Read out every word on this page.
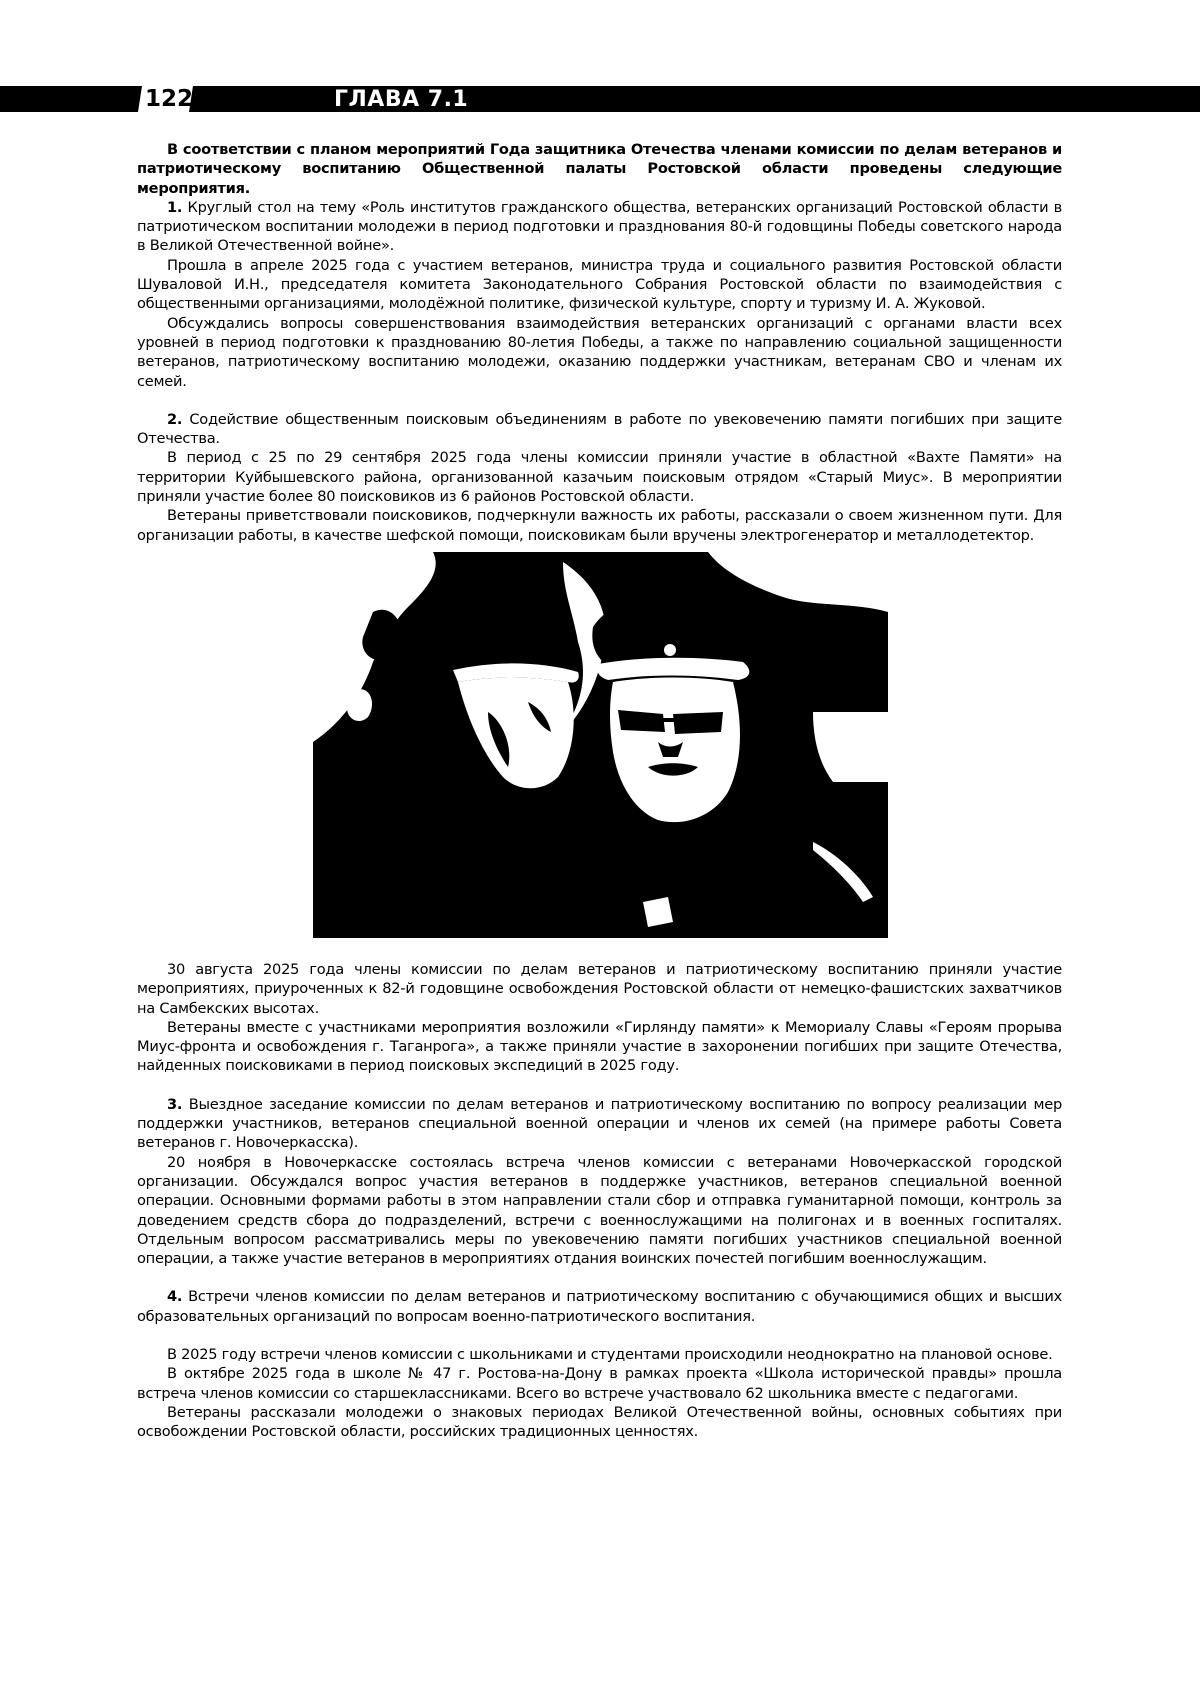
122	ГЛАВА 7.1

В соответствии с планом мероприятий Года защитника Отечества членами комиссии по делам ветеранов и патриотическому воспитанию Общественной палаты Ростовской области проведены следующие мероприятия.

1. Круглый стол на тему «Роль институтов гражданского общества, ветеранских организаций Ростовской области в патриотическом воспитании молодежи в период подготовки и празднования 80-й годовщины Победы советского народа в Великой Отечественной войне».

Прошла в апреле 2025 года с участием ветеранов, министра труда и социального развития Ростовской области Шуваловой И.Н., председателя комитета Законодательного Собрания Ростовской области по взаимодействия с общественными организациями, молодёжной политике, физической культуре, спорту и туризму И. А. Жуковой.

Обсуждались вопросы совершенствования взаимодействия ветеранских организаций с органами власти всех уровней в период подготовки к празднованию 80-летия Победы, а также по направлению социальной защищенности ветеранов, патриотическому воспитанию молодежи, оказанию поддержки участникам, ветеранам СВО и членам их семей.

2. Содействие общественным поисковым объединениям в работе по увековечению памяти погибших при защите Отечества.

В период с 25 по 29 сентября 2025 года члены комиссии приняли участие в областной «Вахте Памяти» на территории Куйбышевского района, организованной казачьим поисковым отрядом «Старый Миус». В мероприятии приняли участие более 80 поисковиков из 6 районов Ростовской области.

Ветераны приветствовали поисковиков, подчеркнули важность их работы, рассказали о своем жизненном пути. Для организации работы, в качестве шефской помощи, поисковикам были вручены электрогенератор и металлодетектор.

30 августа 2025 года члены комиссии по делам ветеранов и патриотическому воспитанию приняли участие мероприятиях, приуроченных к 82-й годовщине освобождения Ростовской области от немецко-фашистских захватчиков на Самбекских высотах.

Ветераны вместе с участниками мероприятия возложили «Гирлянду памяти» к Мемориалу Славы «Героям прорыва Миус-фронта и освобождения г. Таганрога», а также приняли участие в захоронении погибших при защите Отечества, найденных поисковиками в период поисковых экспедиций в 2025 году.

3. Выездное заседание комиссии по делам ветеранов и патриотическому воспитанию по вопросу реализации мер поддержки участников, ветеранов специальной военной операции и членов их семей (на примере работы Совета ветеранов г. Новочеркасска).

20 ноября в Новочеркасске состоялась встреча членов комиссии с ветеранами Новочеркасской городской организации. Обсуждался вопрос участия ветеранов в поддержке участников, ветеранов специальной военной операции. Основными формами работы в этом направлении стали сбор и отправка гуманитарной помощи, контроль за доведением средств сбора до подразделений, встречи с военнослужащими на полигонах и в военных госпиталях. Отдельным вопросом рассматривались меры по увековечению памяти погибших участников специальной военной операции, а также участие ветеранов в мероприятиях отдания воинских почестей погибшим военнослужащим.

4. Встречи членов комиссии по делам ветеранов и патриотическому воспитанию с обучающимися общих и высших образовательных организаций по вопросам военно-патриотического воспитания.

В 2025 году встречи членов комиссии с школьниками и студентами происходили неоднократно на плановой основе.

В октябре 2025 года в школе № 47 г. Ростова-на-Дону в рамках проекта «Школа исторической правды» прошла встреча членов комиссии со старшеклассниками. Всего во встрече участвовало 62 школьника вместе с педагогами.

Ветераны рассказали молодежи о знаковых периодах Великой Отечественной войны, основных событиях при освобождении Ростовской области, российских традиционных ценностях.
